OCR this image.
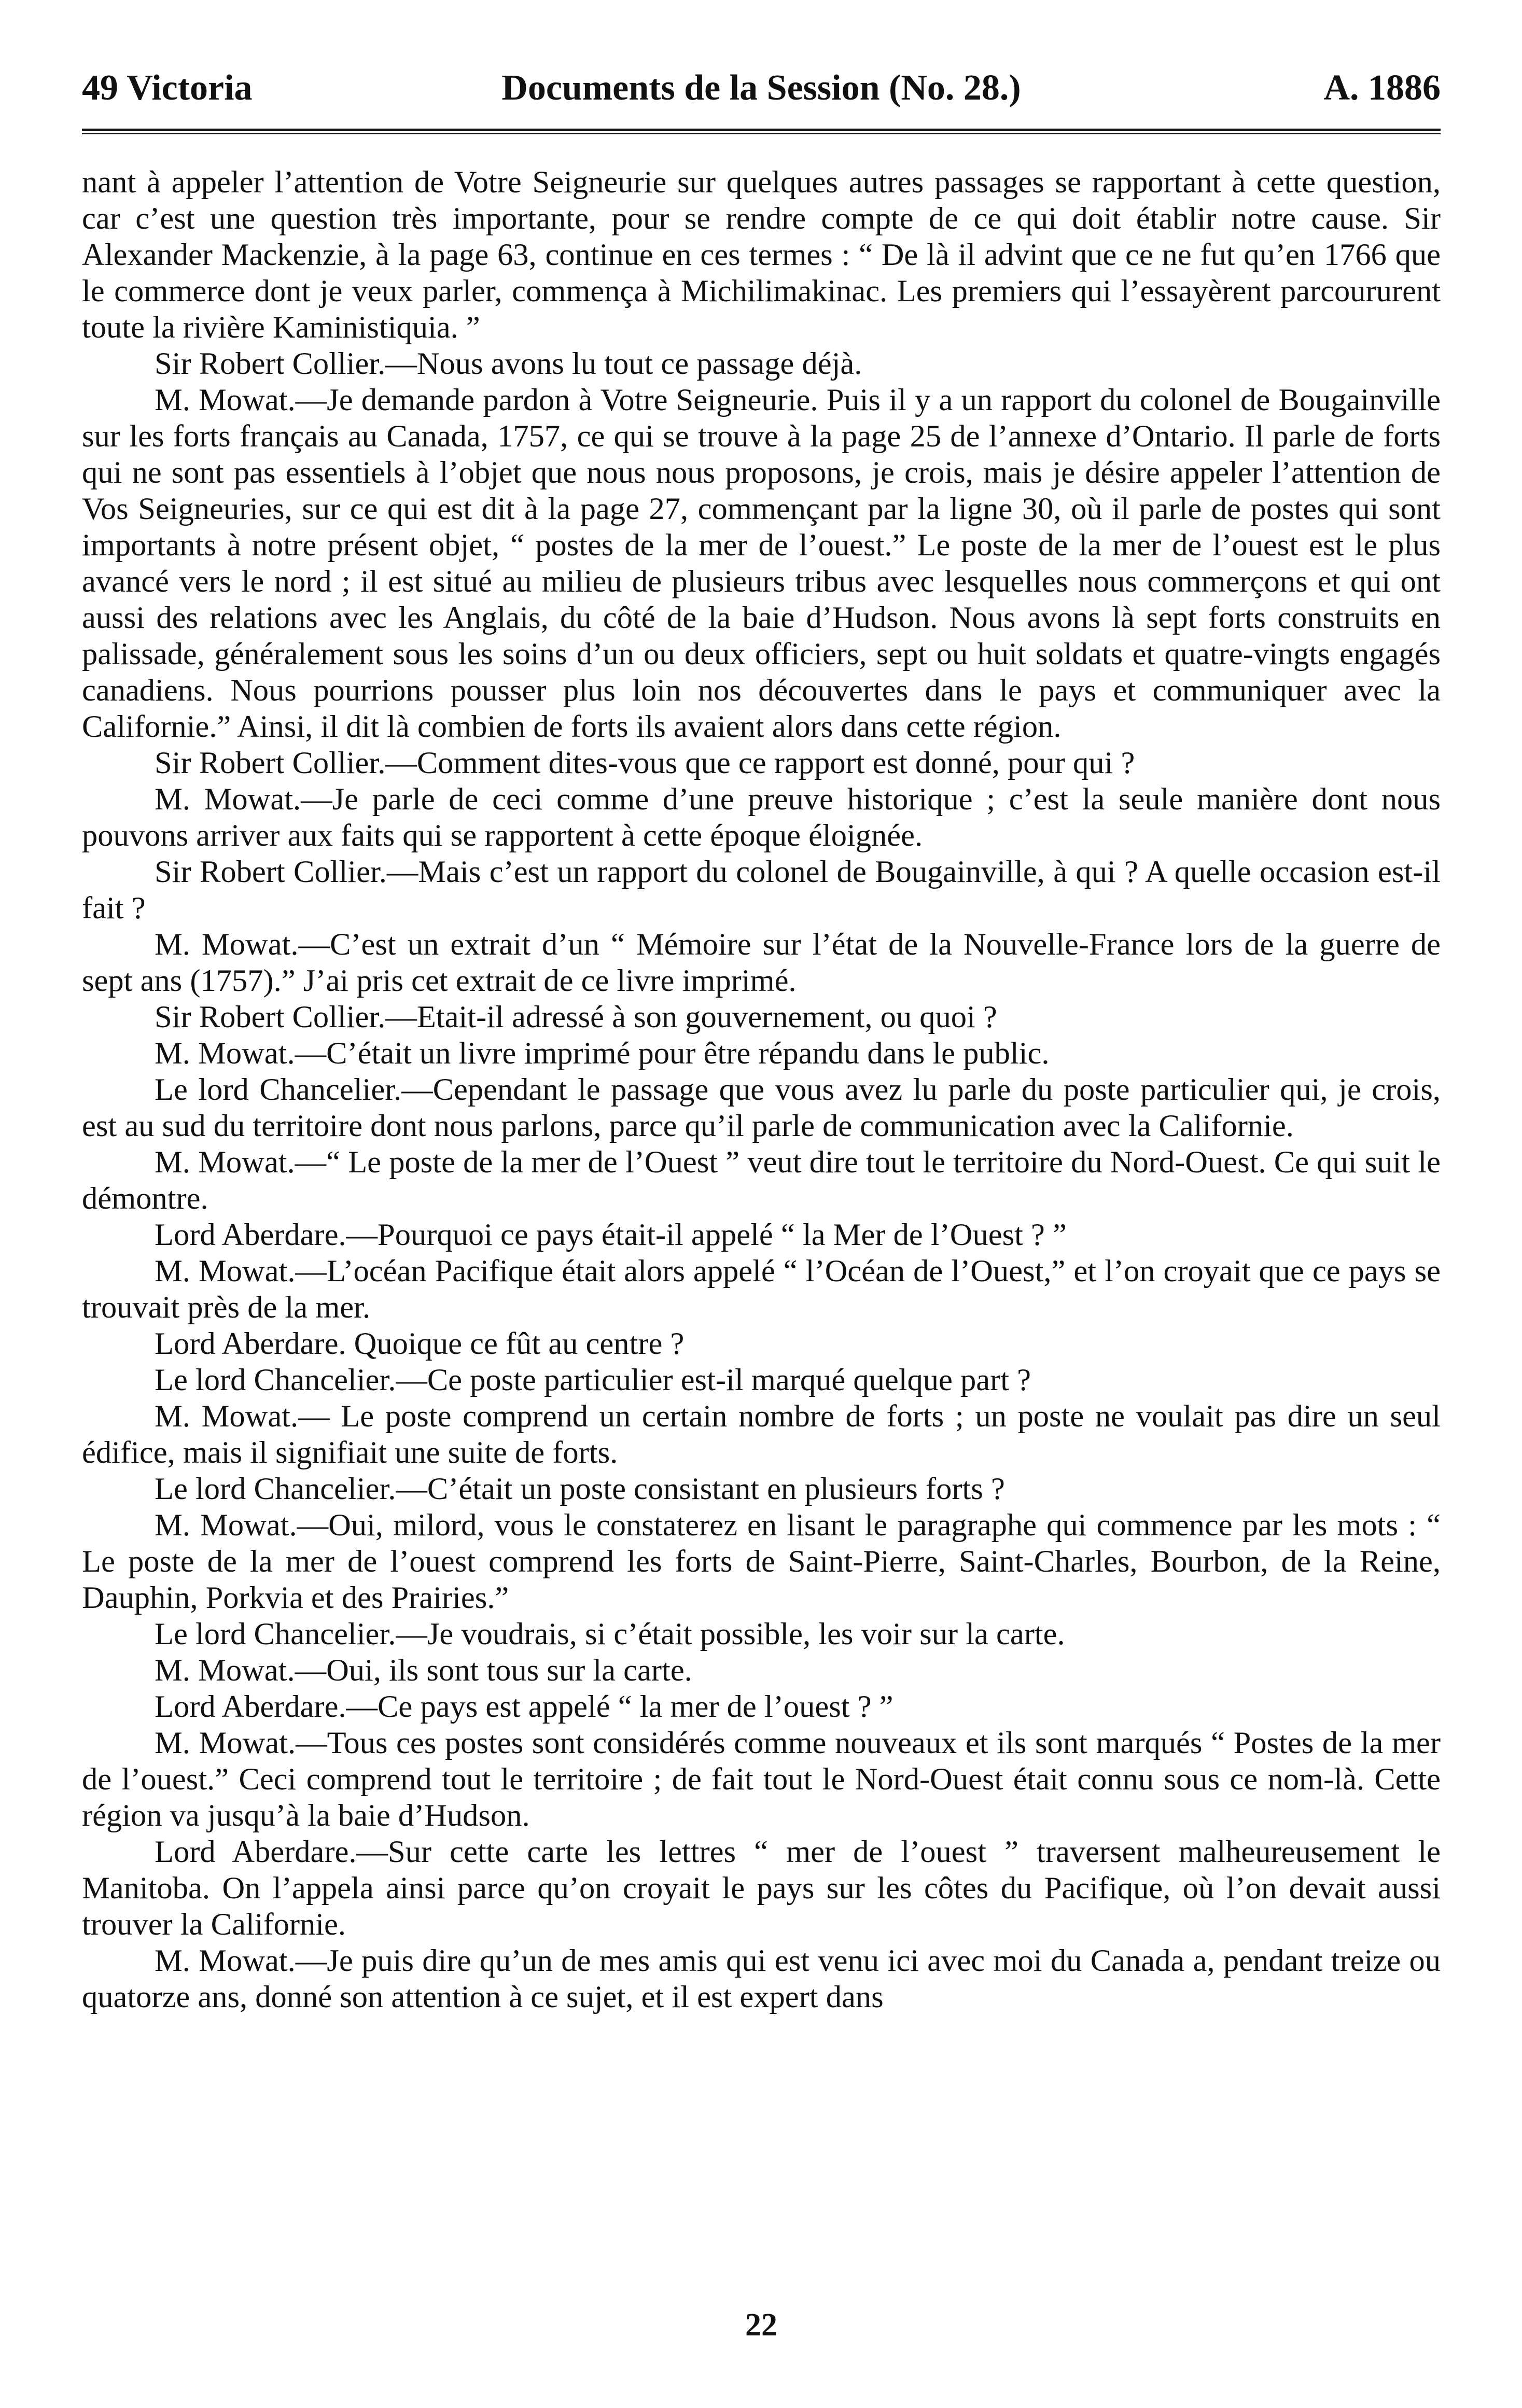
49 Victoria	Documents de la Session (No. 28.)	A. 1886

nant à appeler l’attention de Votre Seigneurie sur quelques autres passages se rapportant à cette question, car c’est une question très importante, pour se rendre compte de ce qui doit établir notre cause. Sir Alexander Mackenzie, à la page 63, continue en ces termes : “ De là il advint que ce ne fut qu’en 1766 que le commerce dont je veux parler, commença à Michilimakinac. Les premiers qui l’essayèrent parcoururent toute la rivière Kaministiquia. ”

Sir Robert Collier.—Nous avons lu tout ce passage déjà.

M. Mowat.—Je demande pardon à Votre Seigneurie. Puis il y a un rapport du colonel de Bougainville sur les forts français au Canada, 1757, ce qui se trouve à la page 25 de l’annexe d’Ontario. Il parle de forts qui ne sont pas essentiels à l’objet que nous nous proposons, je crois, mais je désire appeler l’attention de Vos Seigneuries, sur ce qui est dit à la page 27, commençant par la ligne 30, où il parle de postes qui sont importants à notre présent objet, “ postes de la mer de l’ouest.” Le poste de la mer de l’ouest est le plus avancé vers le nord ; il est situé au milieu de plusieurs tribus avec lesquelles nous commerçons et qui ont aussi des relations avec les Anglais, du côté de la baie d’Hudson. Nous avons là sept forts construits en palissade, généralement sous les soins d’un ou deux officiers, sept ou huit soldats et quatre-vingts engagés canadiens. Nous pourrions pousser plus loin nos découvertes dans le pays et communiquer avec la Californie.” Ainsi, il dit là combien de forts ils avaient alors dans cette région.

Sir Robert Collier.—Comment dites-vous que ce rapport est donné, pour qui ?

M. Mowat.—Je parle de ceci comme d’une preuve historique ; c’est la seule manière dont nous pouvons arriver aux faits qui se rapportent à cette époque éloignée.

Sir Robert Collier.—Mais c’est un rapport du colonel de Bougainville, à qui ? A quelle occasion est-il fait ?

M. Mowat.—C’est un extrait d’un “ Mémoire sur l’état de la Nouvelle-France lors de la guerre de sept ans (1757).” J’ai pris cet extrait de ce livre imprimé.

Sir Robert Collier.—Etait-il adressé à son gouvernement, ou quoi ?

M. Mowat.—C’était un livre imprimé pour être répandu dans le public.

Le lord Chancelier.—Cependant le passage que vous avez lu parle du poste particulier qui, je crois, est au sud du territoire dont nous parlons, parce qu’il parle de communication avec la Californie.

M. Mowat.—“ Le poste de la mer de l’Ouest ” veut dire tout le territoire du Nord-Ouest. Ce qui suit le démontre.

Lord Aberdare.—Pourquoi ce pays était-il appelé “ la Mer de l’Ouest ? ”

M. Mowat.—L’océan Pacifique était alors appelé “ l’Océan de l’Ouest,” et l’on croyait que ce pays se trouvait près de la mer.

Lord Aberdare. Quoique ce fût au centre ?

Le lord Chancelier.—Ce poste particulier est-il marqué quelque part ?

M. Mowat.— Le poste comprend un certain nombre de forts ; un poste ne voulait pas dire un seul édifice, mais il signifiait une suite de forts.

Le lord Chancelier.—C’était un poste consistant en plusieurs forts ?

M. Mowat.—Oui, milord, vous le constaterez en lisant le paragraphe qui commence par les mots : “ Le poste de la mer de l’ouest comprend les forts de Saint-Pierre, Saint-Charles, Bourbon, de la Reine, Dauphin, Porkvia et des Prairies.”

Le lord Chancelier.—Je voudrais, si c’était possible, les voir sur la carte.

M. Mowat.—Oui, ils sont tous sur la carte.

Lord Aberdare.—Ce pays est appelé “ la mer de l’ouest ? ”

M. Mowat.—Tous ces postes sont considérés comme nouveaux et ils sont marqués “ Postes de la mer de l’ouest.” Ceci comprend tout le territoire ; de fait tout le Nord-Ouest était connu sous ce nom-là. Cette région va jusqu’à la baie d’Hudson.

Lord Aberdare.—Sur cette carte les lettres “ mer de l’ouest ” traversent malheureusement le Manitoba. On l’appela ainsi parce qu’on croyait le pays sur les côtes du Pacifique, où l’on devait aussi trouver la Californie.

M. Mowat.—Je puis dire qu’un de mes amis qui est venu ici avec moi du Canada a, pendant treize ou quatorze ans, donné son attention à ce sujet, et il est expert dans

22
